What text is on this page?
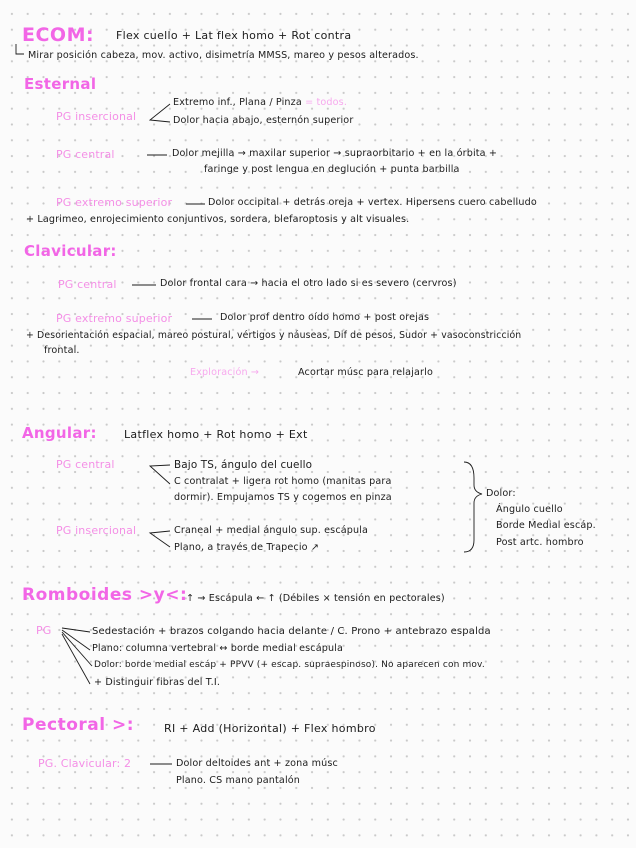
ECOM: Flex cuello + Lat flex homo + Rot contra
Mirar posición cabeza, mov. activo, disimetría MMSS, mareo y pesos alterados.
Esternal
PG insercional
Extremo inf., Plana / Pinza = todos.
Dolor hacia abajo, esternón superior
PG central	Dolor mejilla → maxilar superior → supraorbitario + en la órbita +
faringe y post lengua en deglución + punta barbilla
PG extremo superior	Dolor occipital + detrás oreja + vertex. Hipersens cuero cabelludo
+ Lagrimeo, enrojecimiento conjuntivos, sordera, blefaroptosis y alt visuales.
Clavicular:
PG central	Dolor frontal cara → hacia el otro lado si es severo (cervros)
PG extremo superior	Dolor prof dentro oído homo + post orejas
+ Desorientación espacial, mareo postural, vértigos y náuseas, Dif de pesos, Sudor + vasoconstricción
frontal.
Exploración →	Acortar músc para relajarlo
Angular: Latflex homo + Rot homo + Ext
PG central	Bajo TS, ángulo del cuello
C contralat + ligera rot homo (manitas para
dormir). Empujamos TS y cogemos en pinza
PG insercional	Craneal + medial ángulo sup. escápula
Plano, a través de Trapecio ↗
Dolor:
Ángulo cuello
Borde Medial escáp.
Post artc. hombro
Romboides >y<:
↑ → Escápula ← ↑ (Débiles × tensión en pectorales)
PG	Sedestación + brazos colgando hacia delante / C. Prono + antebrazo espalda
Plano: columna vertebral ↔ borde medial escápula
Dolor: borde medial escáp + PPVV (+ escap. supraespinoso). No aparecen con mov.
+ Distinguir fibras del T.I.
Pectoral >:	RI + Add (Horizontal) + Flex hombro
PG. Clavicular: 2	Dolor deltoides ant + zona músc
Plano. CS mano pantalón
